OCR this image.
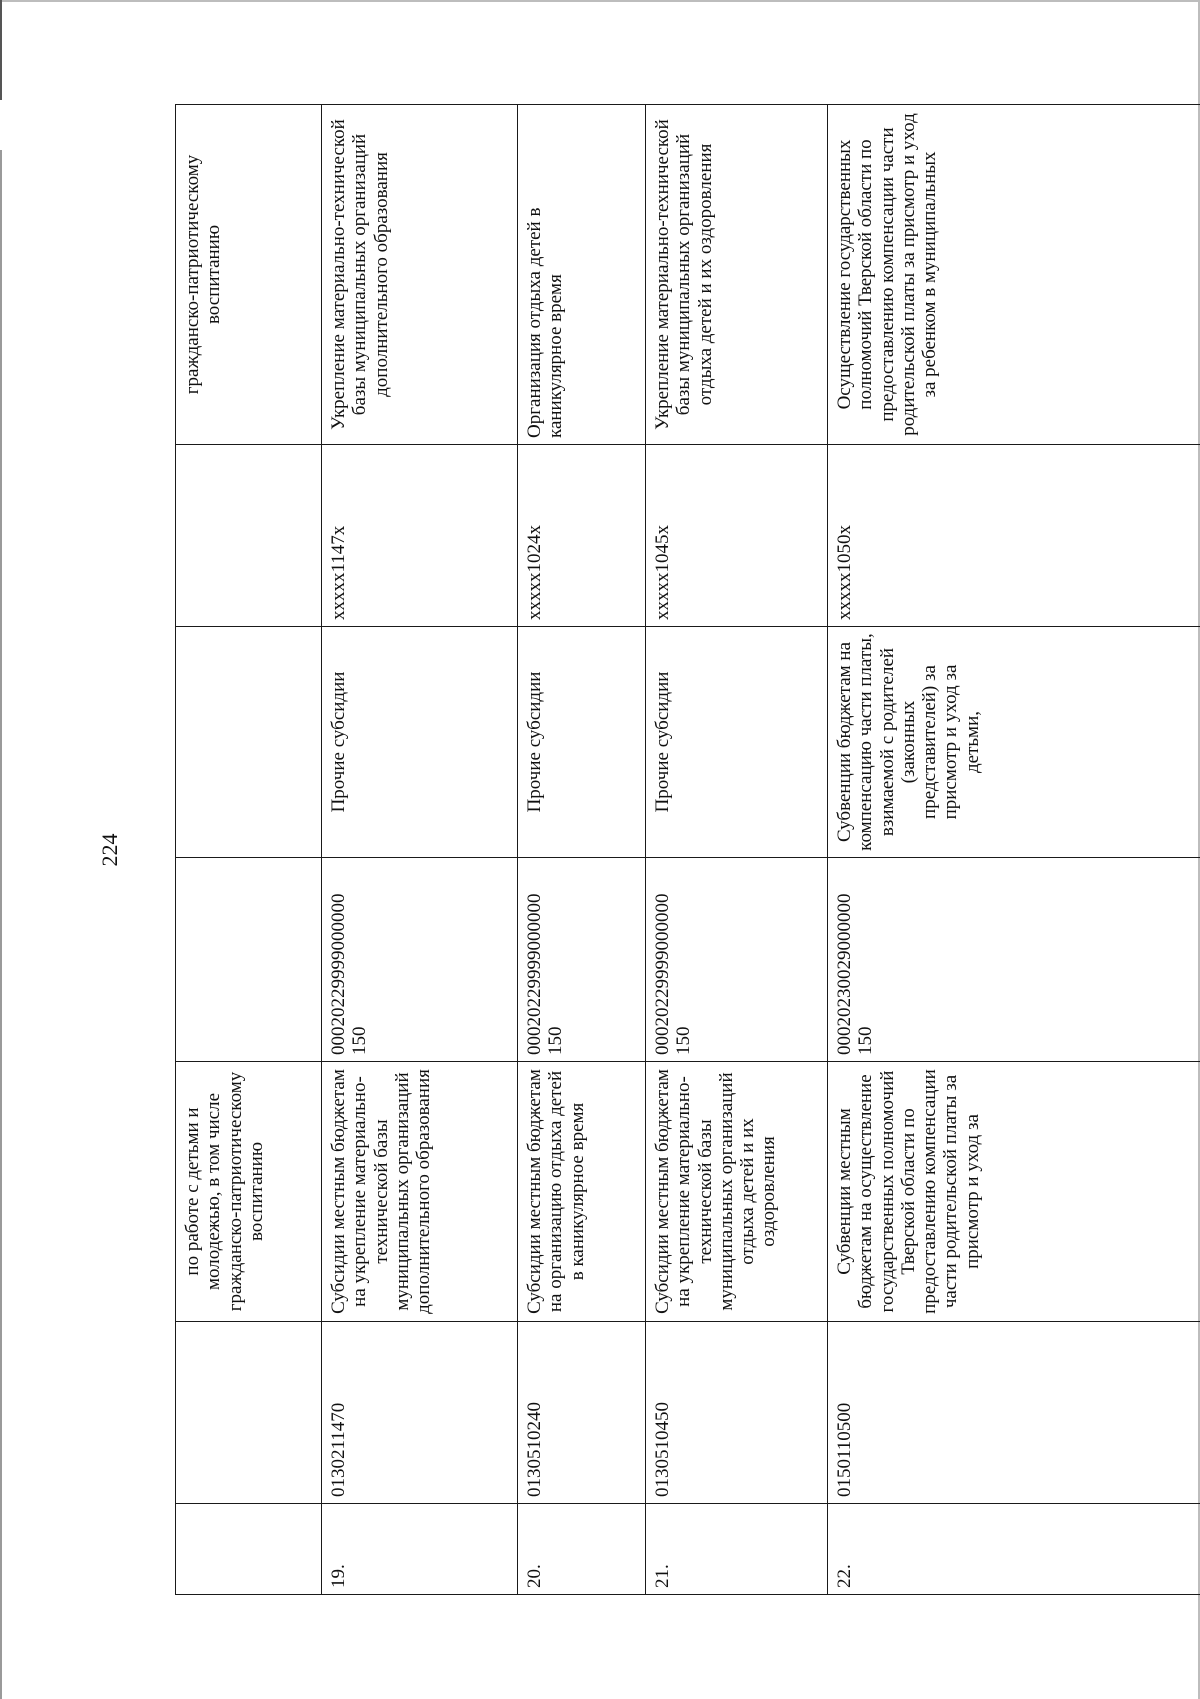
224
		по работе с детьми и молодежью, в том числе гражданско-патриотическому воспитанию				гражданско-патриотическому воспитанию
19.	0130211470	Субсидии местным бюджетам на укрепление материально-технической базы муниципальных организаций дополнительного образования	00020229999000000 150	Прочие субсидии	xxxxx1147x	Укрепление материально-технической базы муниципальных организаций дополнительного образования
20.	0130510240	Субсидии местным бюджетам на организацию отдыха детей в каникулярное время	00020229999000000 150	Прочие субсидии	xxxxx1024x	Организация отдыха детей в каникулярное время
21.	0130510450	Субсидии местным бюджетам на укрепление материально-технической базы муниципальных организаций отдыха детей и их оздоровления	00020229999000000 150	Прочие субсидии	xxxxx1045x	Укрепление материально-технической базы муниципальных организаций отдыха детей и их оздоровления
22.	0150110500	Субвенции местным бюджетам на осуществление государственных полномочий Тверской области по предоставлению компенсации части родительской платы за присмотр и уход за	00020230029000000 150	Субвенции бюджетам на компенсацию части платы, взимаемой с родителей (законных представителей) за присмотр и уход за детьми,	xxxxx1050x	Осуществление государственных полномочий Тверской области по предоставлению компенсации части родительской платы за присмотр и уход за ребенком в муниципальных
